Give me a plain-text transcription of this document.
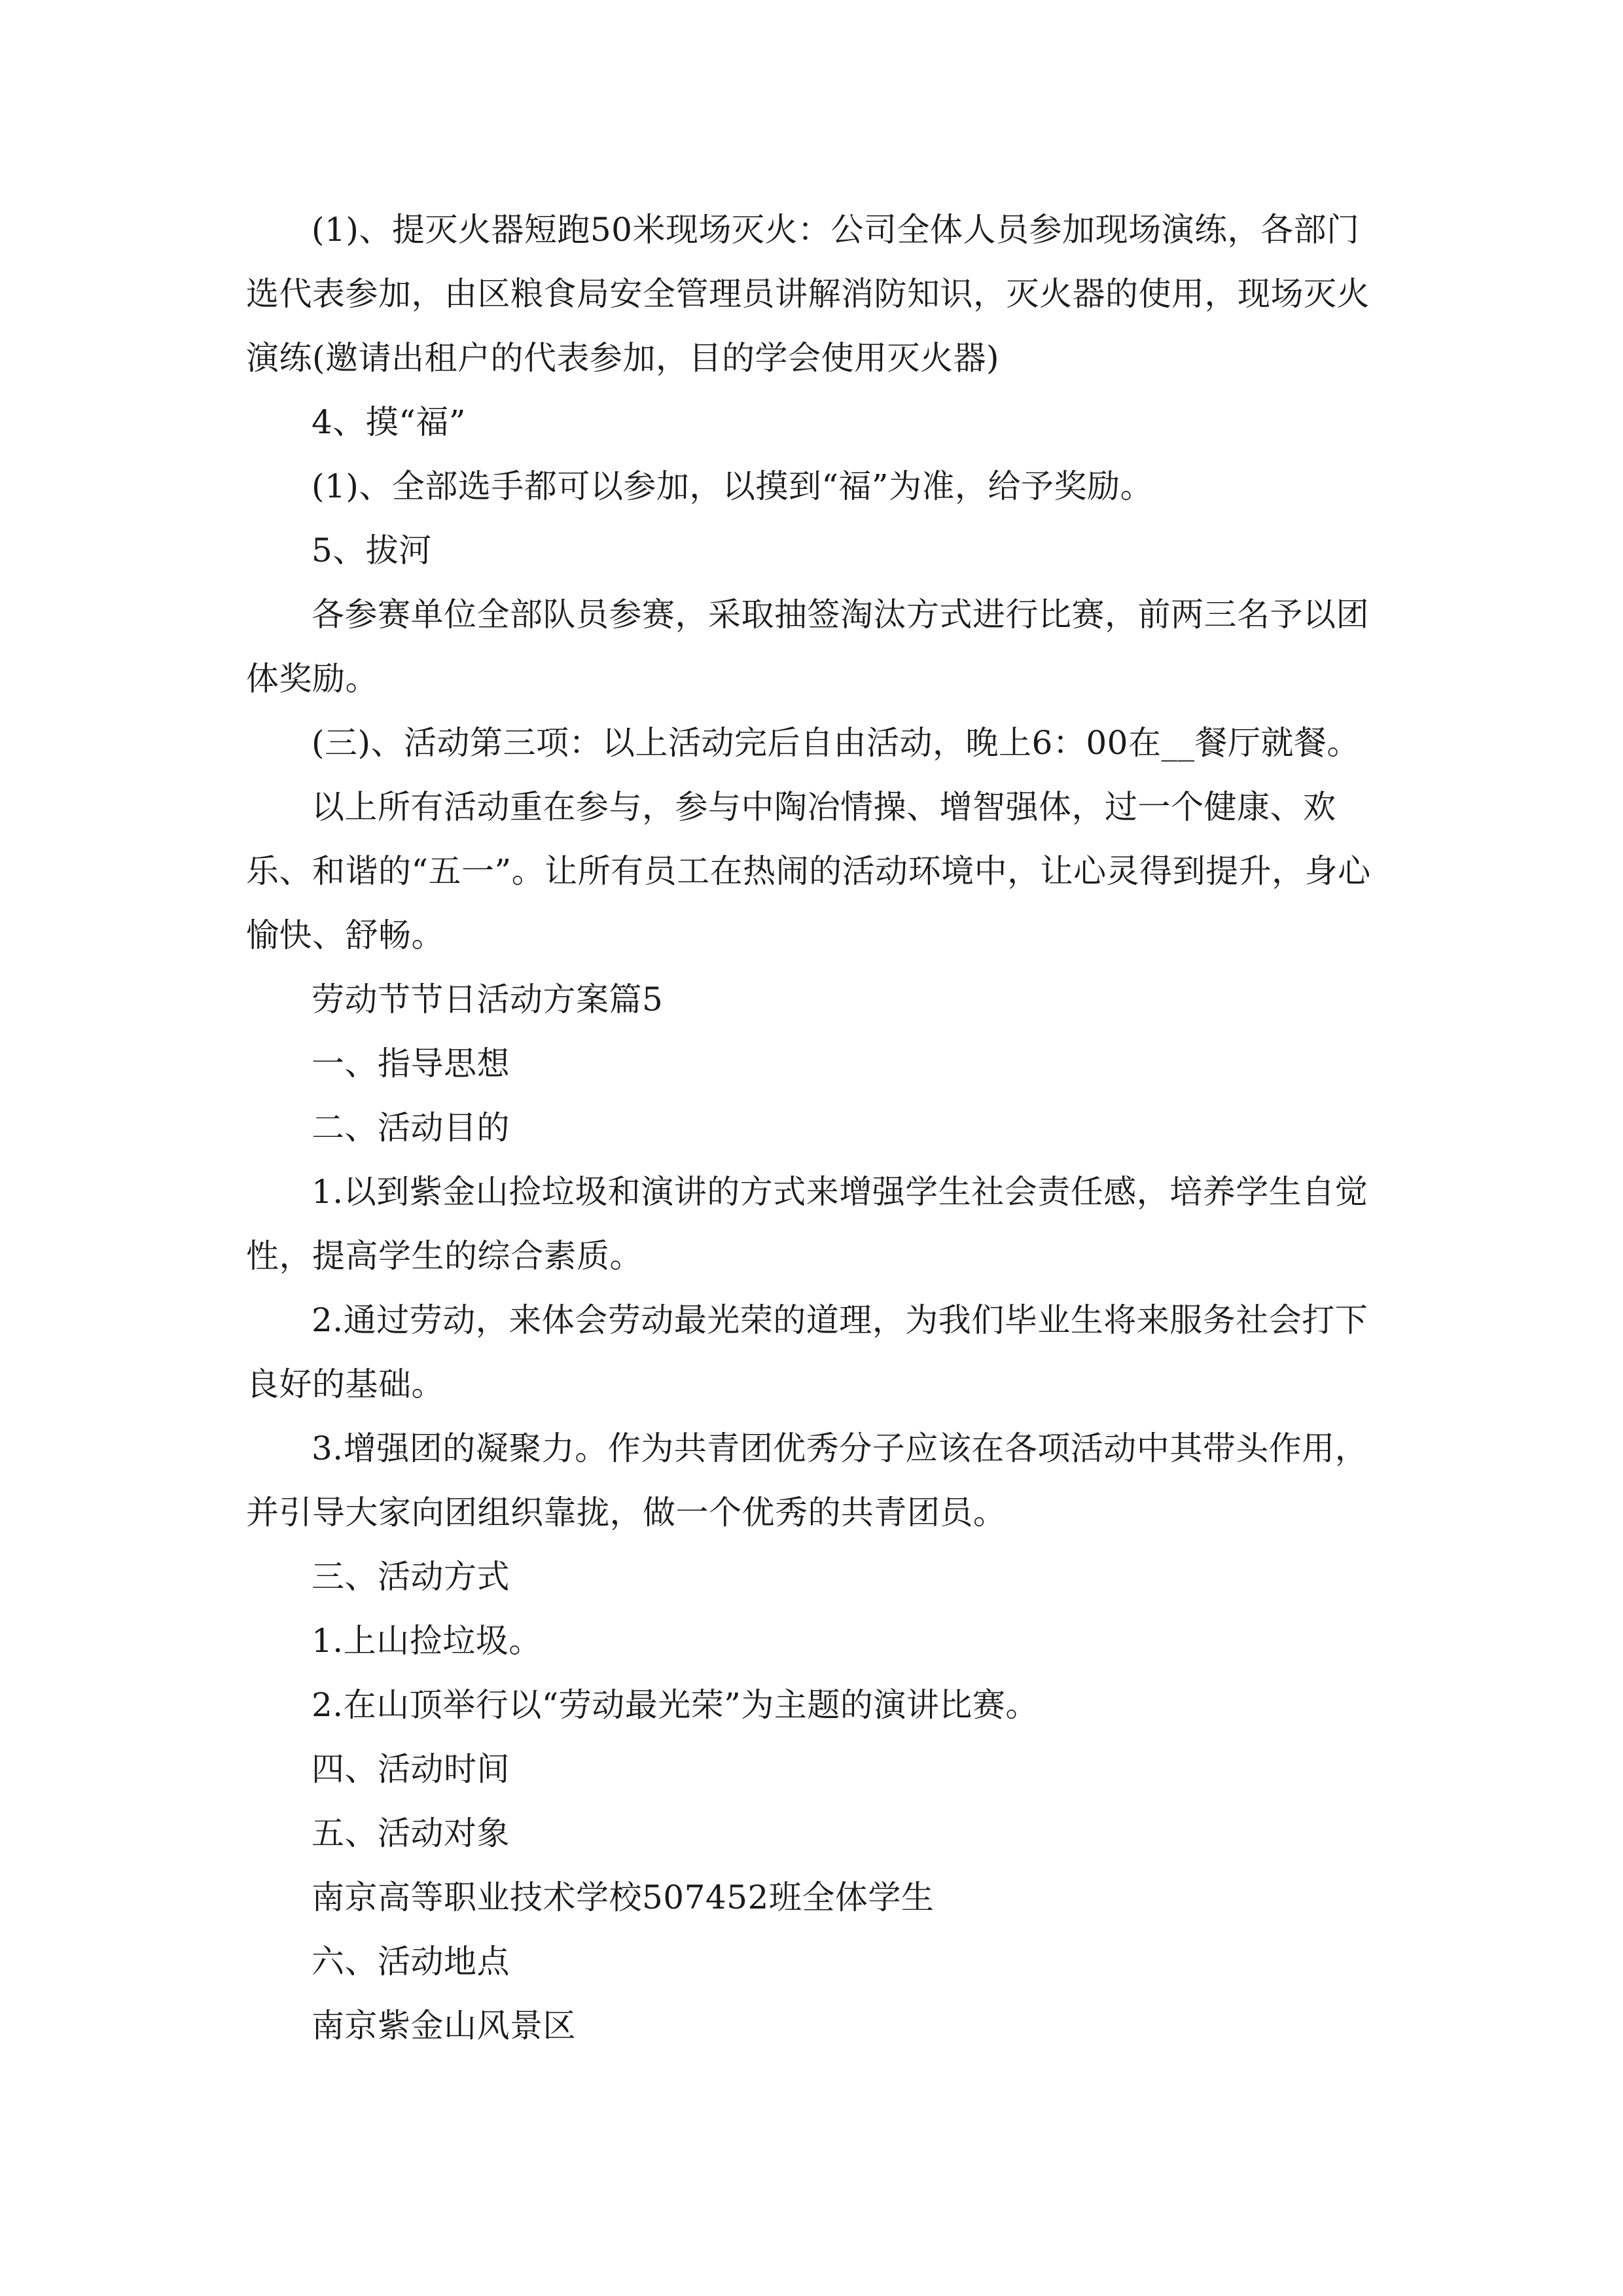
(1)、提灭火器短跑50米现场灭火：公司全体人员参加现场演练，各部门选代表参加，由区粮食局安全管理员讲解消防知识，灭火器的使用，现场灭火演练(邀请出租户的代表参加，目的学会使用灭火器)

4、摸“福”

(1)、全部选手都可以参加，以摸到“福”为准，给予奖励。

5、拔河

各参赛单位全部队员参赛，采取抽签淘汰方式进行比赛，前两三名予以团体奖励。

(三)、活动第三项：以上活动完后自由活动，晚上6：00在__餐厅就餐。

以上所有活动重在参与，参与中陶冶情操、增智强体，过一个健康、欢乐、和谐的“五一”。让所有员工在热闹的活动环境中，让心灵得到提升，身心愉快、舒畅。

劳动节节日活动方案篇5

一、指导思想

二、活动目的

1.以到紫金山捡垃圾和演讲的方式来增强学生社会责任感，培养学生自觉性，提高学生的综合素质。

2.通过劳动，来体会劳动最光荣的道理，为我们毕业生将来服务社会打下良好的基础。

3.增强团的凝聚力。作为共青团优秀分子应该在各项活动中其带头作用，并引导大家向团组织靠拢，做一个优秀的共青团员。

三、活动方式

1.上山捡垃圾。

2.在山顶举行以“劳动最光荣”为主题的演讲比赛。

四、活动时间

五、活动对象

南京高等职业技术学校507452班全体学生

六、活动地点

南京紫金山风景区
